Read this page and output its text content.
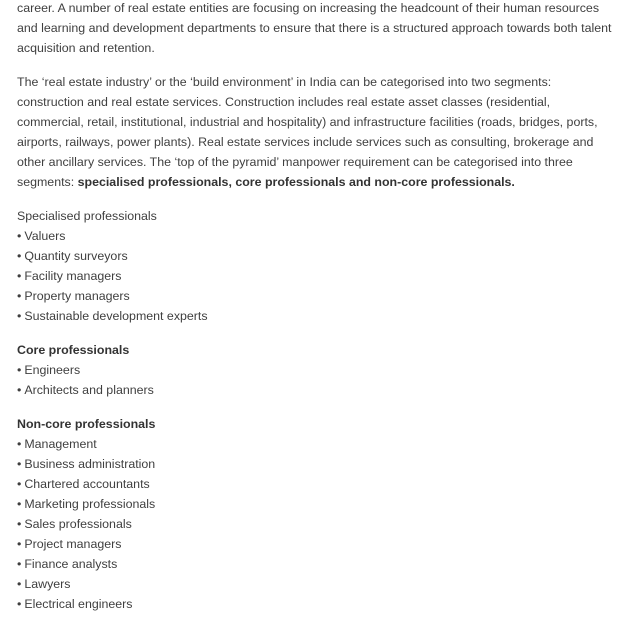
career. A number of real estate entities are focusing on increasing the headcount of their human resources and learning and development departments to ensure that there is a structured approach towards both talent acquisition and retention.

The ‘real estate industry’ or the ‘build environment’ in India can be categorised into two segments: construction and real estate services. Construction includes real estate asset classes (residential, commercial, retail, institutional, industrial and hospitality) and infrastructure facilities (roads, bridges, ports, airports, railways, power plants). Real estate services include services such as consulting, brokerage and other ancillary services. The ‘top of the pyramid’ manpower requirement can be categorised into three segments: specialised professionals, core professionals and non-core professionals.

Specialised professionals

• Valuers
• Quantity surveyors
• Facility managers
• Property managers
• Sustainable development experts
Core professionals
• Engineers
• Architects and planners
Non-core professionals
• Management
• Business administration
• Chartered accountants
• Marketing professionals
• Sales professionals
• Project managers
• Finance analysts
• Lawyers
• Electrical engineers
